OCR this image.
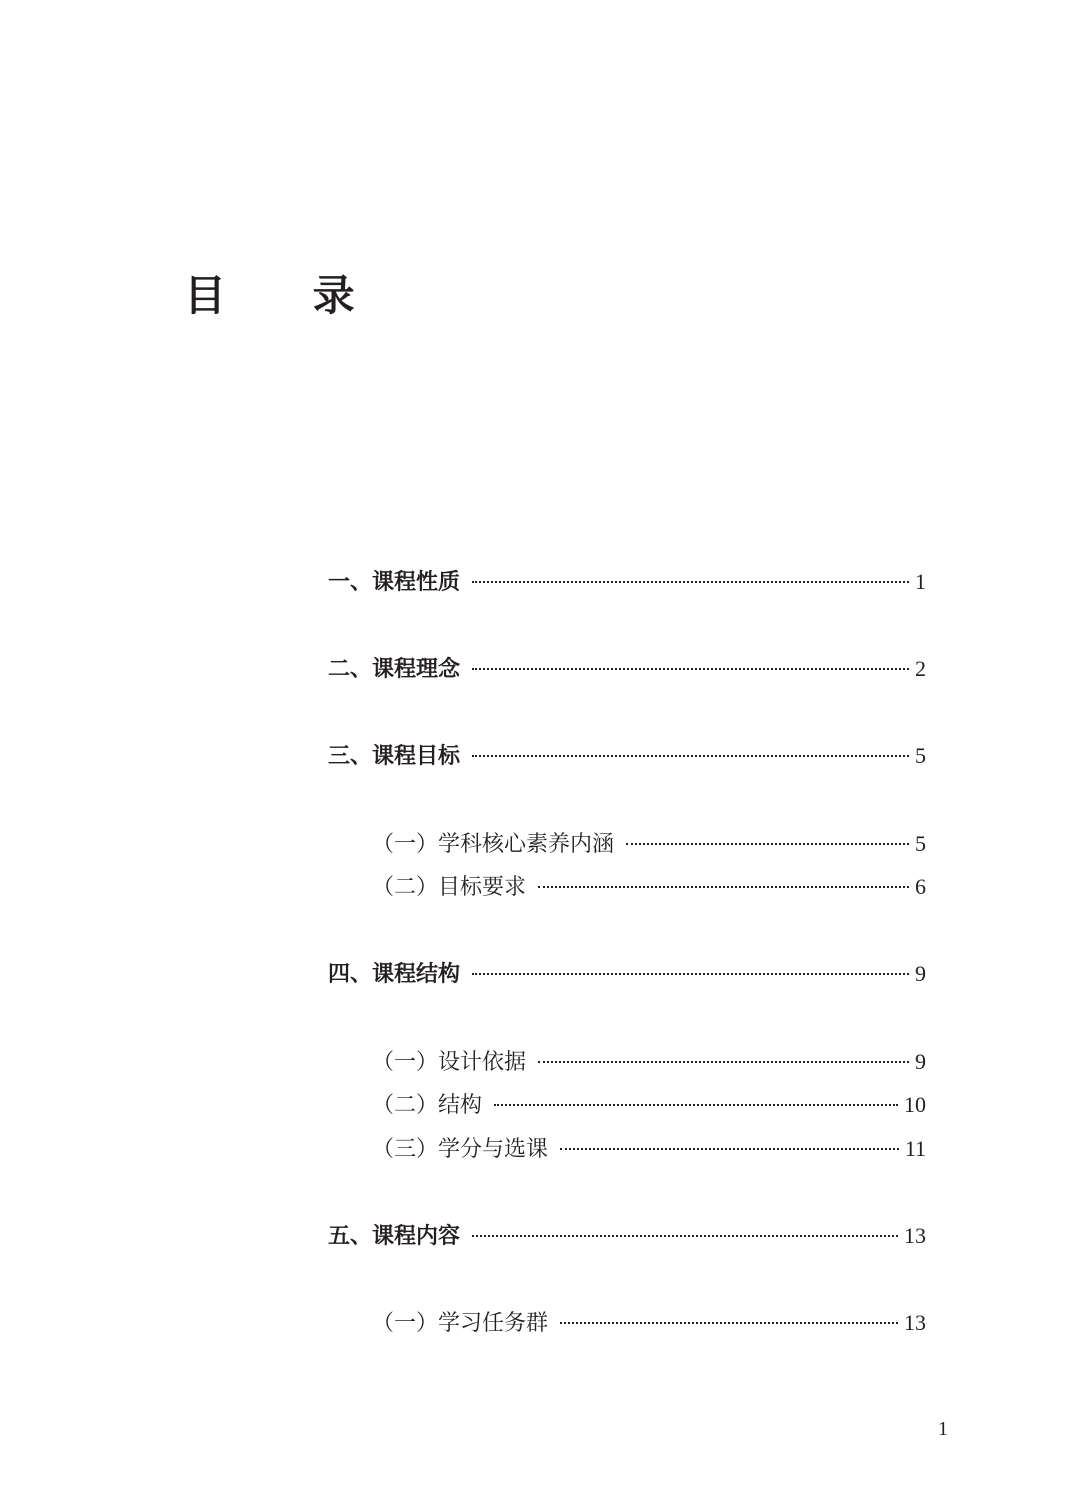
目 录
一、课程性质	1
二、课程理念	2
三、课程目标	5
（一）学科核心素养内涵	5
（二）目标要求	6
四、课程结构	9
（一）设计依据	9
（二）结构	10
（三）学分与选课	11
五、课程内容	13
（一）学习任务群	13
1
